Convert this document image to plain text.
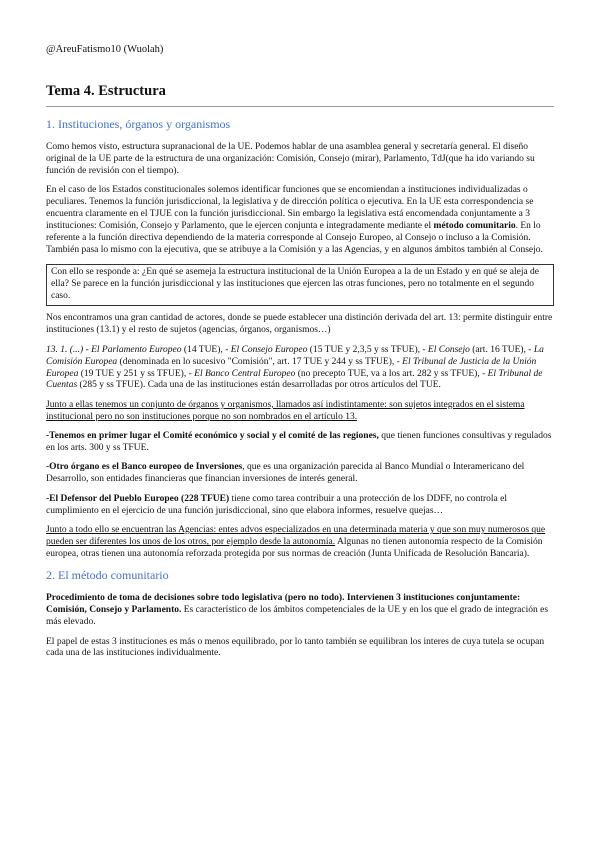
@AreuFatismo10 (Wuolah)
Tema 4. Estructura
1. Instituciones, órganos y organismos

Como hemos visto, estructura supranacional de la UE. Podemos hablar de una asamblea general y secretaría general. El diseño original de la UE parte de la estructura de una organización: Comisión, Consejo (mirar), Parlamento, TdJ(que ha ido variando su función de revisión con el tiempo).

En el caso de los Estados constitucionales solemos identificar funciones que se encomiendan a instituciones individualizadas o peculiares. Tenemos la función jurisdiccional, la legislativa y de dirección política o ejecutiva. En la UE esta correspondencia se encuentra claramente en el TJUE con la función jurisdiccional. Sin embargo la legislativa está encomendada conjuntamente a 3 instituciones: Comisión, Consejo y Parlamento, que le ejercen conjunta e integradamente mediante el método comunitario. En lo referente a la función directiva dependiendo de la materia corresponde al Consejo Europeo, al Consejo o incluso a la Comisión. También pasa lo mismo con la ejecutiva, que se atribuye a la Comisión y a las Agencias, y en algunos ámbitos también al Consejo.

Con ello se responde a: ¿En qué se asemeja la estructura institucional de la Unión Europea a la de un Estado y en qué se aleja de ella? Se parece en la función jurisdiccional y las instituciones que ejercen las otras funciones, pero no totalmente en el segundo caso.

Nos encontramos una gran cantidad de actores, donde se puede establecer una distinción derivada del art. 13: permite distinguir entre instituciones (13.1) y el resto de sujetos (agencias, órganos, organismos…)

13. 1. (...) - El Parlamento Europeo (14 TUE), - El Consejo Europeo (15 TUE y 2,3,5 y ss TFUE), - El Consejo (art. 16 TUE), - La Comisión Europea (denominada en lo sucesivo "Comisión", art. 17 TUE y 244 y ss TFUE), - El Tribunal de Justicia de la Unión Europea (19 TUE y 251 y ss TFUE), - El Banco Central Europeo (no precepto TUE, va a los art. 282 y ss TFUE), - El Tribunal de Cuentas (285 y ss TFUE). Cada una de las instituciones están desarrolladas por otros artículos del TUE.

Junto a ellas tenemos un conjunto de órganos y organismos, llamados así indistintamente: son sujetos integrados en el sistema institucional pero no son instituciones porque no son nombrados en el artículo 13.

-Tenemos en primer lugar el Comité económico y social y el comité de las regiones, que tienen funciones consultivas y regulados en los arts. 300 y ss TFUE.

-Otro órgano es el Banco europeo de Inversiones, que es una organización parecida al Banco Mundial o Interamericano del Desarrollo, son entidades financieras que financian inversiones de interés general.

-El Defensor del Pueblo Europeo (228 TFUE) tiene como tarea contribuir a una protección de los DDFF, no controla el cumplimiento en el ejercicio de una función jurisdiccional, sino que elabora informes, resuelve quejas…

Junto a todo ello se encuentran las Agencias: entes advos especializados en una determinada materia y que son muy numerosos que pueden ser diferentes los unos de los otros, por ejemplo desde la autonomía. Algunas no tienen autonomía respecto de la Comisión europea, otras tienen una autonomía reforzada protegida por sus normas de creación (Junta Unificada de Resolución Bancaria).

2. El método comunitario

Procedimiento de toma de decisiones sobre todo legislativa (pero no todo). Intervienen 3 instituciones conjuntamente: Comisión, Consejo y Parlamento. Es característico de los ámbitos competenciales de la UE y en los que el grado de integración es más elevado.

El papel de estas 3 instituciones es más o menos equilibrado, por lo tanto también se equilibran los interes de cuya tutela se ocupan cada una de las instituciones individualmente.
